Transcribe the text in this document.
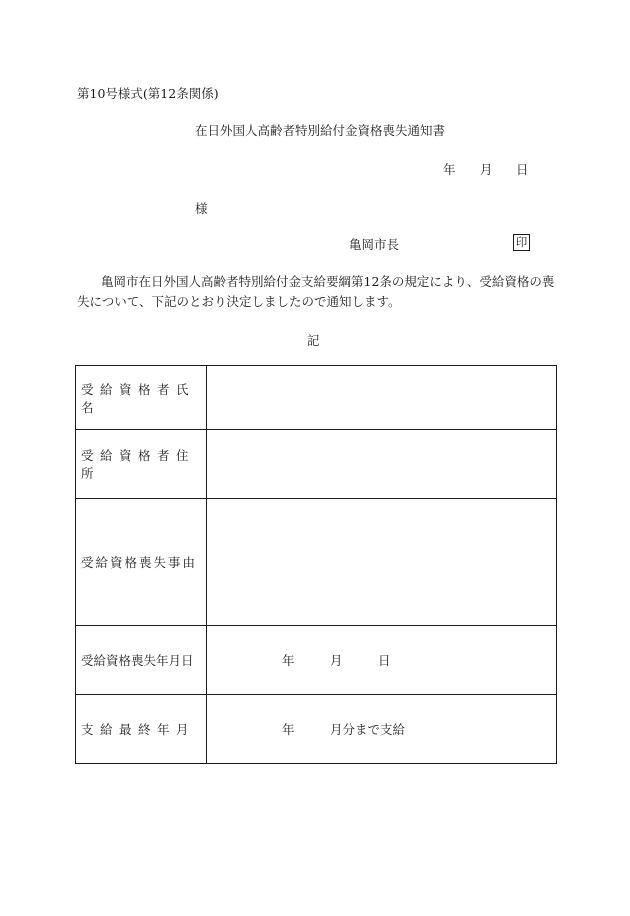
第10号様式(第12条関係)
在日外国人高齢者特別給付金資格喪失通知書
年 月 日
様
亀岡市長	印
亀岡市在日外国人高齢者特別給付金支給要綱第12条の規定により、受給資格の喪失について、下記のとおり決定しましたので通知します。
記
受給資格者氏名	
受給資格者住所	
受給資格喪失事由	
受給資格喪失年月日	年 月 日

支給最終年月	年 月分まで支給
